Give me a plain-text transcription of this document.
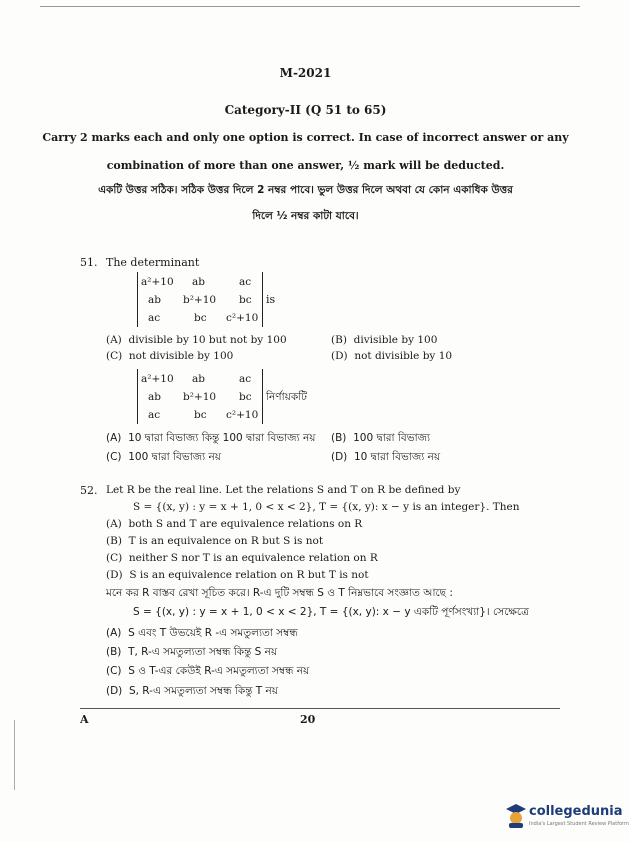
M-2021
Category-II (Q 51 to 65)
Carry 2 marks each and only one option is correct. In case of incorrect answer or any
combination of more than one answer, ½ mark will be deducted.
একটি উত্তর সঠিক। সঠিক উত্তর দিলে 2 নম্বর পাবে। ভুল উত্তর দিলে অথবা যে কোন একাধিক উত্তর
দিলে ½ নম্বর কাটা যাবে।
51. The determinant
a²+10 ab	ac
ab b²+10 bc
ac	bc c²+10
is
(A) divisible by 10 but not by 100	(B) divisible by 100
(C) not divisible by 100	(D) not divisible by 10
a²+10 ab	ac
ab b²+10 bc
ac	bc c²+10
নির্ণায়কটি
(A) 10 দ্বারা বিভাজ্য কিন্তু 100 দ্বারা বিভাজ্য নয় (B) 100 দ্বারা বিভাজ্য
(C) 100 দ্বারা বিভাজ্য নয়	(D) 10 দ্বারা বিভাজ্য নয়
52. Let R be the real line. Let the relations S and T on R be defined by
S = {(x, y) : y = x + 1, 0 < x < 2}, T = {(x, y): x − y is an integer}. Then
(A) both S and T are equivalence relations on R
(B) T is an equivalence on R but S is not
(C) neither S nor T is an equivalence relation on R
(D) S is an equivalence relation on R but T is not
মনে কর R বাস্তব রেখা সূচিত করে। R-এ দুটি সম্বন্ধ S ও T নিম্নভাবে সংজ্ঞাত আছে :
S = {(x, y) : y = x + 1, 0 < x < 2}, T = {(x, y): x − y একটি পূর্ণসংখ্যা}। সেক্ষেত্রে
(A) S এবং T উভয়েই R -এ সমতুল্যতা সম্বন্ধ
(B) T, R-এ সমতুল্যতা সম্বন্ধ কিন্তু S নয়
(C) S ও T-এর কেউই R-এ সমতুল্যতা সম্বন্ধ নয়
(D) S, R-এ সমতুল্যতা সম্বন্ধ কিন্তু T নয়
A	20
collegedunia
India's Largest Student Review Platform
